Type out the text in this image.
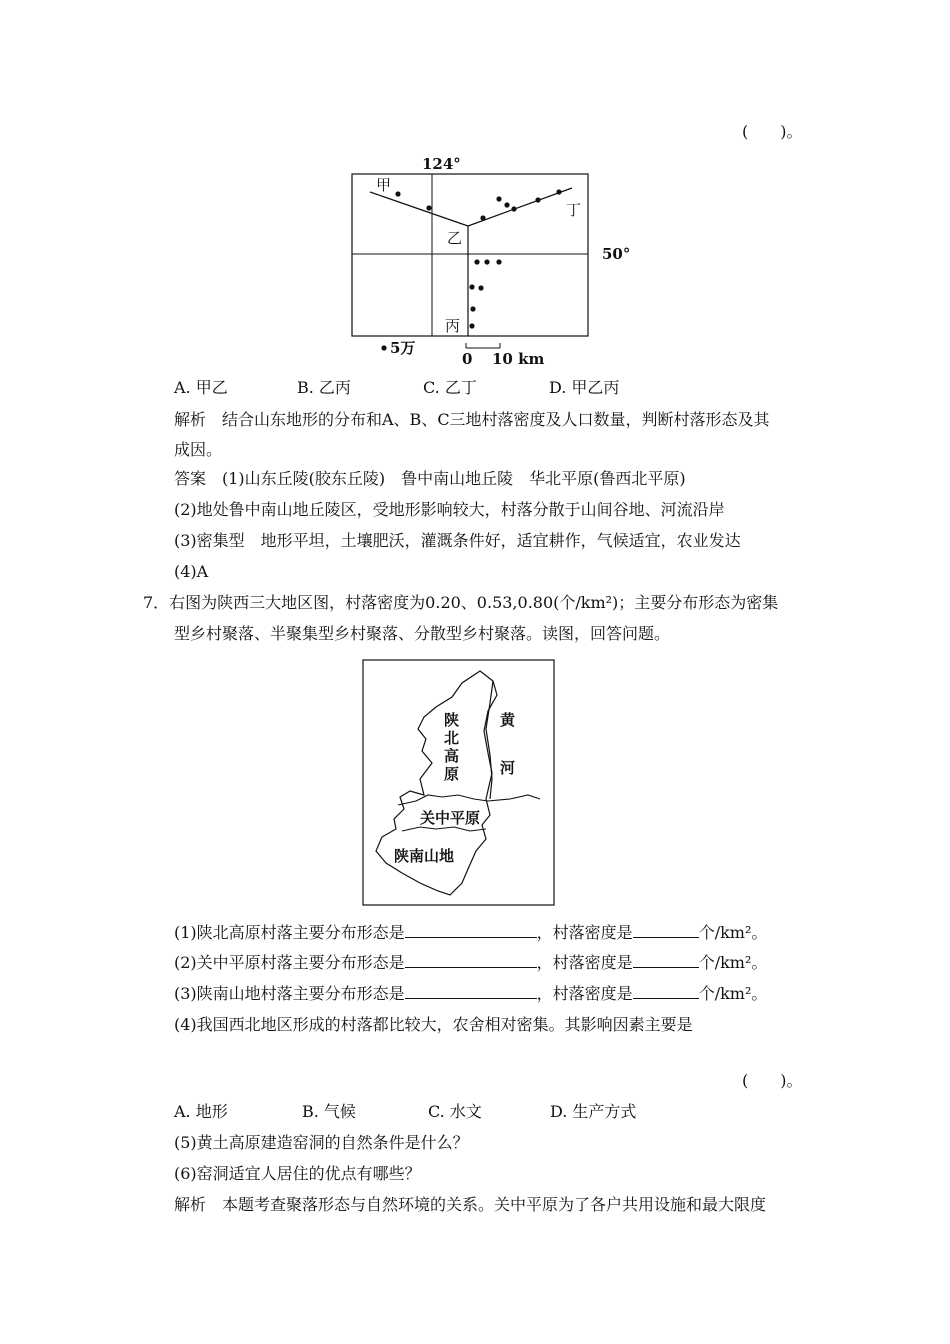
(　　)。
124°
50°
甲
乙
丙
丁
5万
0 10 km
A. 甲乙	B. 乙丙	C. 乙丁	D. 甲乙丙
解析　结合山东地形的分布和A、B、C三地村落密度及人口数量，判断村落形态及其
成因。
答案　(1)山东丘陵(胶东丘陵)　鲁中南山地丘陵　华北平原(鲁西北平原)
(2)地处鲁中南山地丘陵区，受地形影响较大，村落分散于山间谷地、河流沿岸
(3)密集型　地形平坦，土壤肥沃，灌溉条件好，适宜耕作，气候适宜，农业发达
(4)A
7．右图为陕西三大地区图，村落密度为0.20、0.53,0.80(个/km²)；主要分布形态为密集
型乡村聚落、半聚集型乡村聚落、分散型乡村聚落。读图，回答问题。
陕
北
高
原
黄
河
关中平原
陕南山地
(1)陕北高原村落主要分布形态是	，村落密度是	个/km²。
(2)关中平原村落主要分布形态是	，村落密度是	个/km²。
(3)陕南山地村落主要分布形态是	，村落密度是	个/km²。
(4)我国西北地区形成的村落都比较大，农舍相对密集。其影响因素主要是
(　　)。
A. 地形	B. 气候	C. 水文	D. 生产方式
(5)黄土高原建造窑洞的自然条件是什么？
(6)窑洞适宜人居住的优点有哪些？
解析　本题考查聚落形态与自然环境的关系。关中平原为了各户共用设施和最大限度
